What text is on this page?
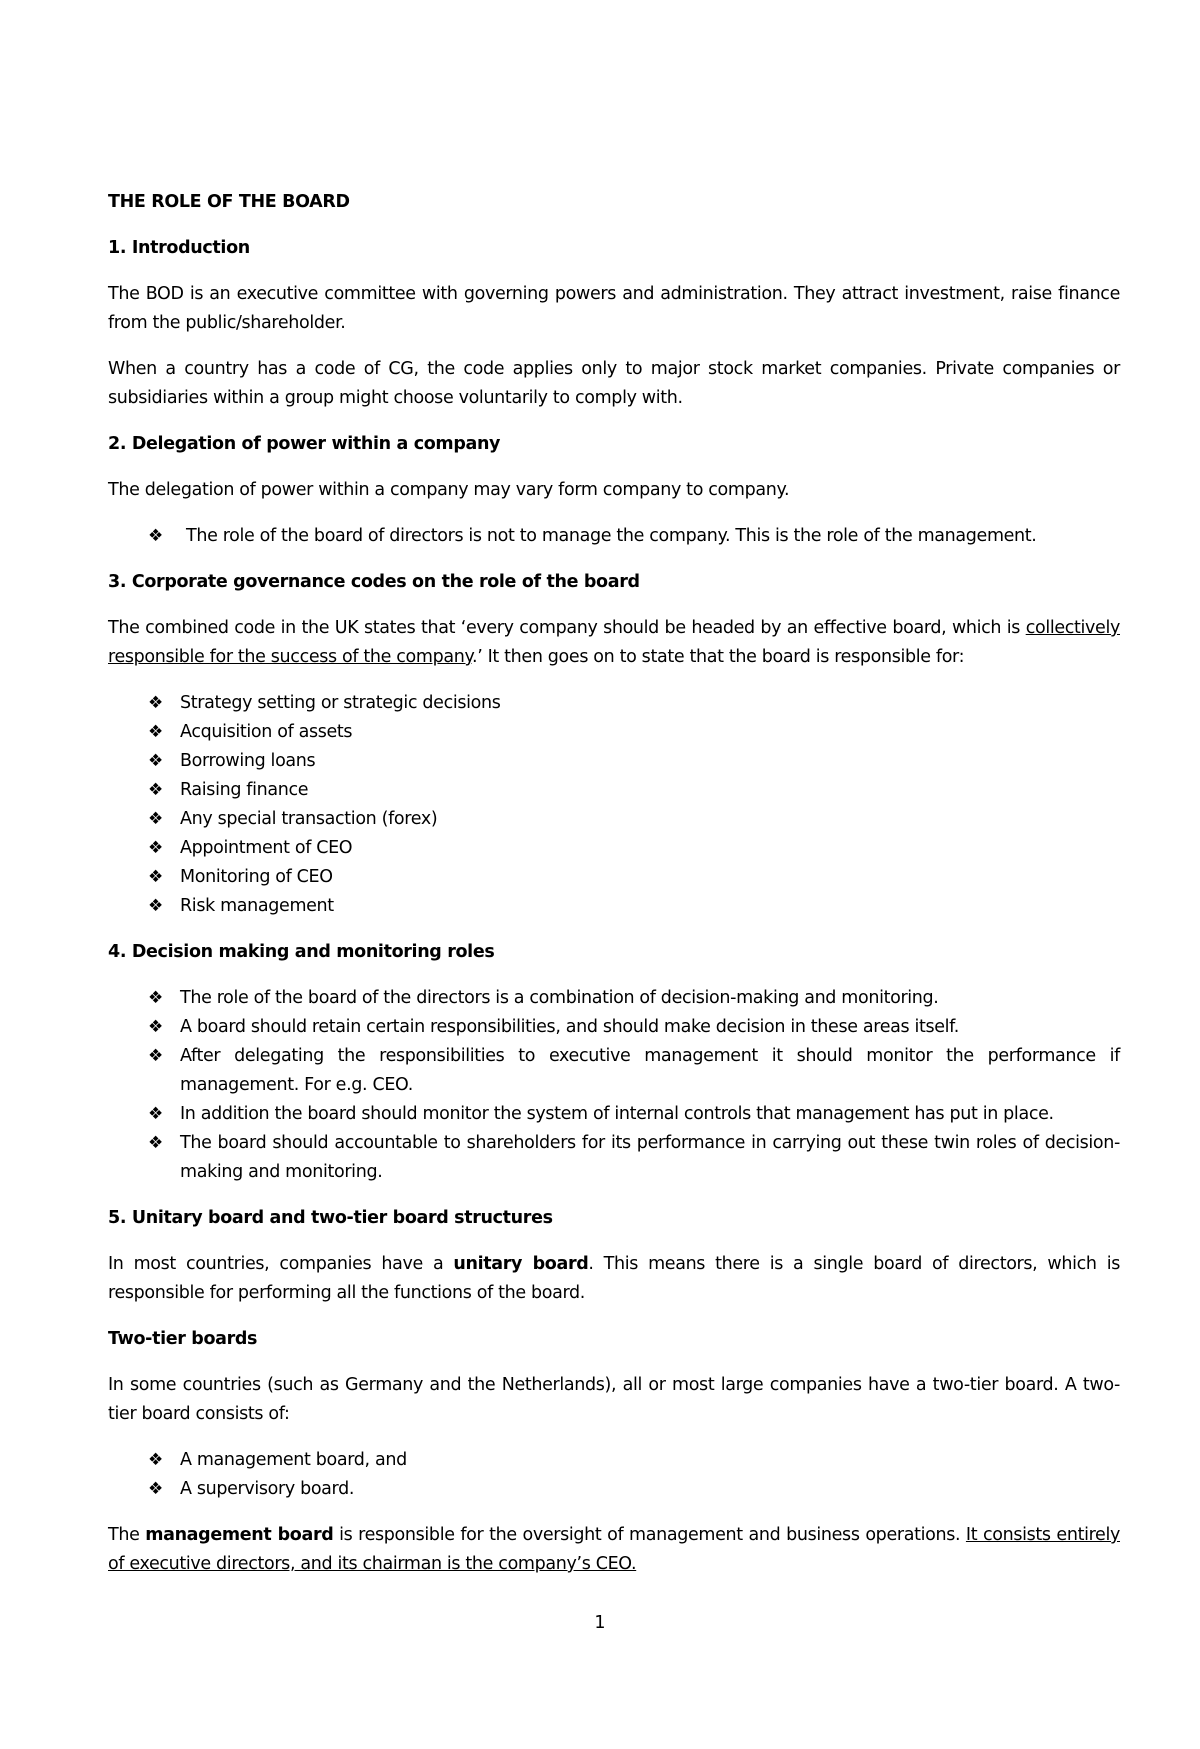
THE ROLE OF THE BOARD

1. Introduction

The BOD is an executive committee with governing powers and administration. They attract investment, raise finance from the public/shareholder.

When a country has a code of CG, the code applies only to major stock market companies. Private companies or subsidiaries within a group might choose voluntarily to comply with.

2. Delegation of power within a company

The delegation of power within a company may vary form company to company.

❖ The role of the board of directors is not to manage the company. This is the role of the management.

3. Corporate governance codes on the role of the board

The combined code in the UK states that ‘every company should be headed by an effective board, which is collectively responsible for the success of the company.’ It then goes on to state that the board is responsible for:

❖ Strategy setting or strategic decisions
❖ Acquisition of assets
❖ Borrowing loans
❖ Raising finance
❖ Any special transaction (forex)
❖ Appointment of CEO
❖ Monitoring of CEO
❖ Risk management

4. Decision making and monitoring roles

❖ The role of the board of the directors is a combination of decision-making and monitoring.
❖ A board should retain certain responsibilities, and should make decision in these areas itself.
❖ After delegating the responsibilities to executive management it should monitor the performance if management. For e.g. CEO.
❖ In addition the board should monitor the system of internal controls that management has put in place.
❖ The board should accountable to shareholders for its performance in carrying out these twin roles of decision-making and monitoring.

5. Unitary board and two-tier board structures

In most countries, companies have a unitary board. This means there is a single board of directors, which is responsible for performing all the functions of the board.

Two-tier boards

In some countries (such as Germany and the Netherlands), all or most large companies have a two-tier board. A two-tier board consists of:

❖ A management board, and
❖ A supervisory board.

The management board is responsible for the oversight of management and business operations. It consists entirely of executive directors, and its chairman is the company’s CEO.

1
